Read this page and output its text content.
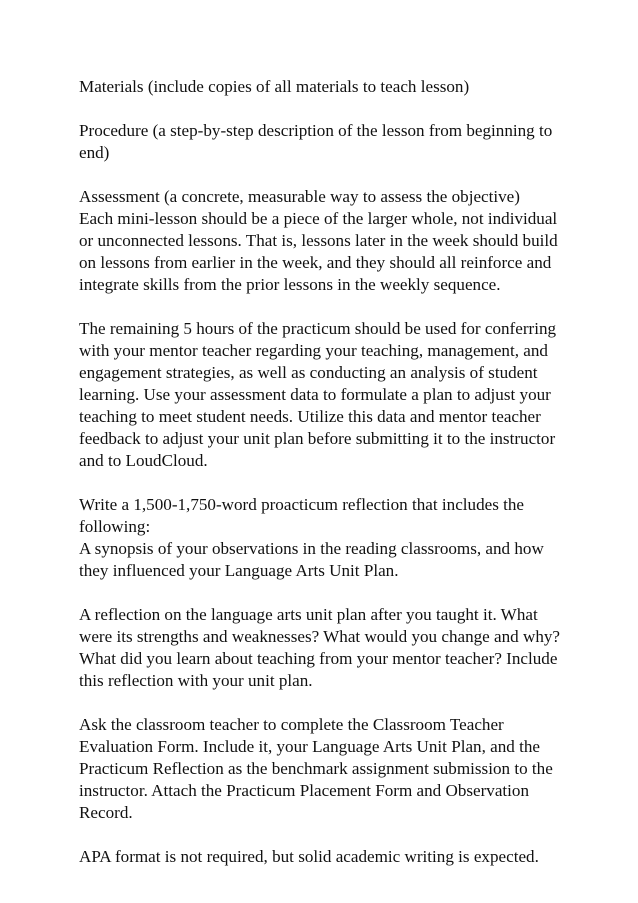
Materials (include copies of all materials to teach lesson)

Procedure (a step-by-step description of the lesson from beginning to
end)

Assessment (a concrete, measurable way to assess the objective)
Each mini-lesson should be a piece of the larger whole, not individual
or unconnected lessons. That is, lessons later in the week should build
on lessons from earlier in the week, and they should all reinforce and
integrate skills from the prior lessons in the weekly sequence.

The remaining 5 hours of the practicum should be used for conferring
with your mentor teacher regarding your teaching, management, and
engagement strategies, as well as conducting an analysis of student
learning. Use your assessment data to formulate a plan to adjust your
teaching to meet student needs. Utilize this data and mentor teacher
feedback to adjust your unit plan before submitting it to the instructor
and to LoudCloud.

Write a 1,500-1,750-word proacticum reflection that includes the
following:
A synopsis of your observations in the reading classrooms, and how
they influenced your Language Arts Unit Plan.

A reflection on the language arts unit plan after you taught it. What
were its strengths and weaknesses? What would you change and why?
What did you learn about teaching from your mentor teacher? Include
this reflection with your unit plan.

Ask the classroom teacher to complete the Classroom Teacher
Evaluation Form. Include it, your Language Arts Unit Plan, and the
Practicum Reflection as the benchmark assignment submission to the
instructor. Attach the Practicum Placement Form and Observation
Record.

APA format is not required, but solid academic writing is expected.
